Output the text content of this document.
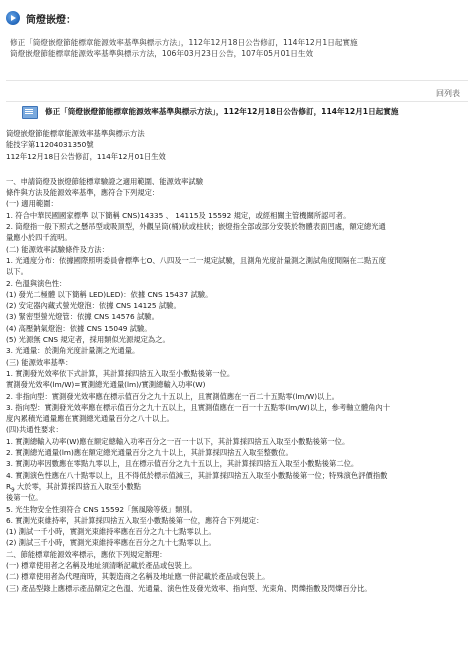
筒燈嵌燈：
修正「筒燈嵌燈節能標章能源效率基準與標示方法」，112年12月18日公告修訂，114年12月1日起實施
筒燈嵌燈節能標章能源效率基準與標示方法，106年03月23日公告，107年05月01日生效
回列表
修正「筒燈嵌燈節能標章能源效率基準與標示方法」，112年12月18日公告修訂，114年12月1日起實施
筒燈嵌燈節能標章能源效率基準與標示方法
能技字第11204031350號
112年12月18日公告修訂，114年12月01日生效
一、申請筒燈及嵌燈節能標章驗證之適用範圍、能源效率試驗
條件與方法及能源效率基準，應符合下列規定：
(一) 適用範圍：
1. 符合中華民國國家標準 以下簡稱 CNS)14335 、 14115及 15592 規定，或經相關主管機關所認可者。
2. 筒燈指一般下照式之懸吊型或吸頂型，外觀呈筒(桶)狀或柱狀；嵌燈指全部或部分安裝於物體表面凹處，額定總光通
量應小於四千流明。
(二) 能源效率試驗條件及方法：
1. 光通度分布：依據國際照明委員會標準七O、八四及一二一規定試驗，且測角光度計量測之測試角度間隔在二點五度
以下。
2. 色溫與演色性：
(1) 發光二極體 以下簡稱 LED)LED)：依據 CNS 15437 試驗。
(2) 安定器內藏式螢光燈泡：依據 CNS 14125 試驗。
(3) 緊密型螢光燈管：依據 CNS 14576 試驗。
(4) 高壓鈉氣燈泡：依據 CNS 15049 試驗。
(5) 光源無 CNS 規定者，採用類似光源規定為之。
3. 光通量：於測角光度計量測之光通量。
(三) 能源效率基準：
1. 實測發光效率依下式計算，其計算採四捨五入取至小數點後第一位。
實測發光效率(lm/W)=實測總光通量(lm)/實測總輸入功率(W)
2. 非指向型：實測發光效率應在標示值百分之九十五以上，且實測值應在一百二十五點零(lm/W)以上。
3. 指向型：實測發光效率應在標示值百分之九十五以上，且實測值應在一百一十五點零(lm/W)以上，參考軸立體角內十
度內累積光通量應在實測總光通量百分之八十以上。
(四)共通性要求：
1. 實測總輸入功率(W)應在額定總輸入功率百分之一百一十以下，其計算採四捨五入取至小數點後第一位。
2. 實測總光通量(lm)應在額定總光通量百分之九十以上，其計算採四捨五入取至整數位。
3. 實測功率因數應在零點九零以上，且在標示值百分之九十五以上，其計算採四捨五入取至小數點後第二位。
4. 實測演色性應在八十點零以上，且不得低於標示值減三，其計算採四捨五入取至小數點後第一位；特殊演色評價指數
$R_9$ 大於零，其計算採四捨五入取至小數點
後第一位。
5. 光生物安全性須符合 CNS 15592「無風險等級」類別。
6. 實測光束維持率，其計算採四捨五入取至小數點後第一位，應符合下列規定：
(1) 測試一千小時，實測光束維持率應在百分之九十七點零以上。
(2) 測試三千小時，實測光束維持率應在百分之九十七點零以上。
二、節能標章能源效率標示，應依下列規定辦理：
(一) 標章使用者之名稱及地址須清晰記載於產品或包裝上。
(二) 標章使用者為代理商時，其製造商之名稱及地址應一併記載於產品或包裝上。
(三) 產品型錄上應標示產品額定之色溫、光通量、演色性及發光效率、指向型、光束角、閃爍指數及閃爍百分比。
